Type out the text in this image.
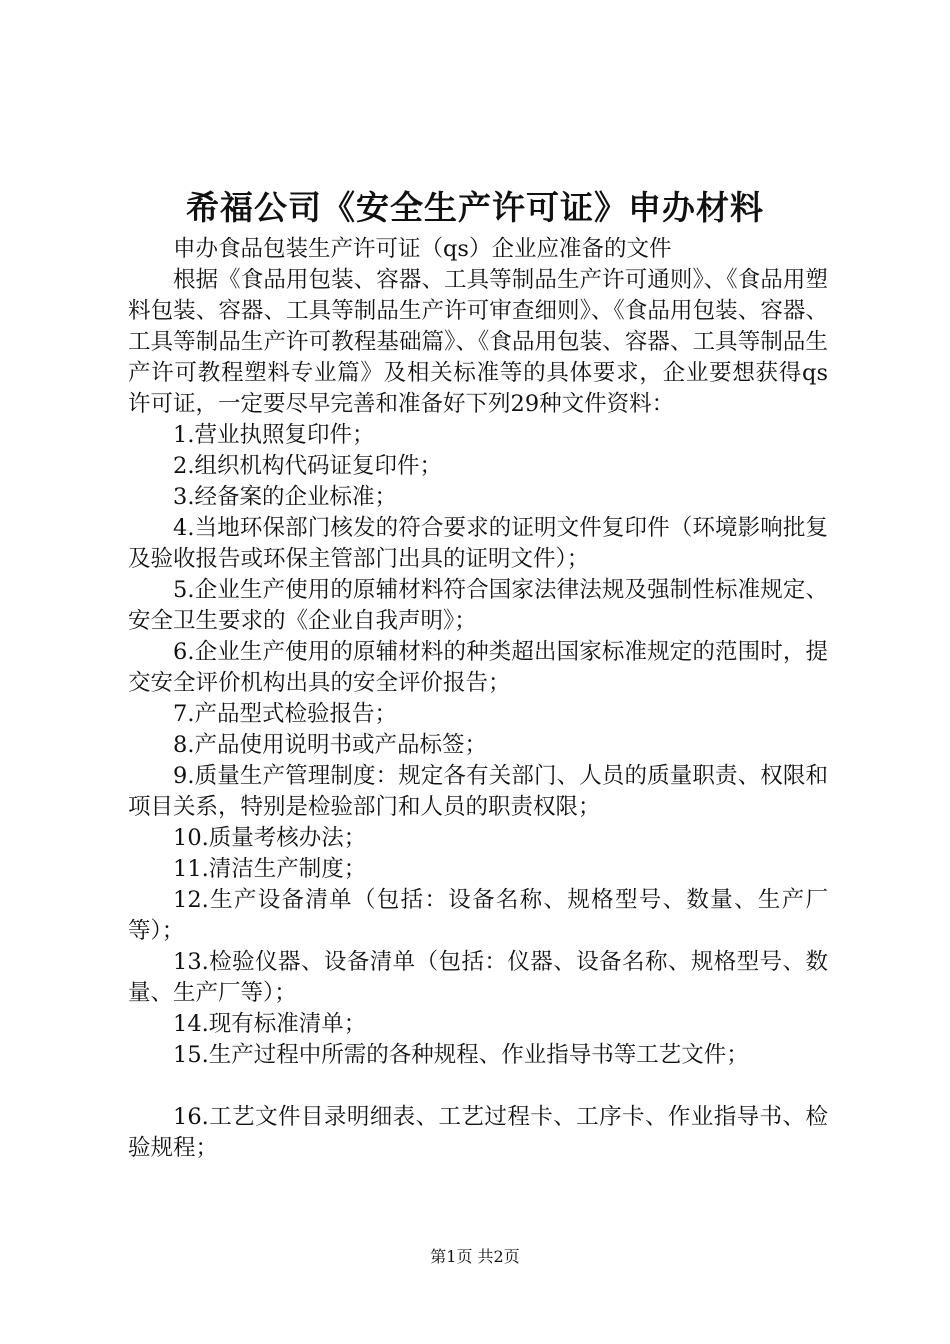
希福公司《安全生产许可证》申办材料

申办食品包装生产许可证（qs）企业应准备的文件

根据《食品用包装、容器、工具等制品生产许可通则》、《食品用塑料包装、容器、工具等制品生产许可审查细则》、《食品用包装、容器、工具等制品生产许可教程基础篇》、《食品用包装、容器、工具等制品生产许可教程塑料专业篇》及相关标准等的具体要求，企业要想获得qs许可证，一定要尽早完善和准备好下列29种文件资料：

1.营业执照复印件；

2.组织机构代码证复印件；

3.经备案的企业标准；

4.当地环保部门核发的符合要求的证明文件复印件（环境影响批复及验收报告或环保主管部门出具的证明文件）；

5.企业生产使用的原辅材料符合国家法律法规及强制性标准规定、安全卫生要求的《企业自我声明》；

6.企业生产使用的原辅材料的种类超出国家标准规定的范围时，提交安全评价机构出具的安全评价报告；

7.产品型式检验报告；

8.产品使用说明书或产品标签；

9.质量生产管理制度：规定各有关部门、人员的质量职责、权限和项目关系，特别是检验部门和人员的职责权限；

10.质量考核办法；

11.清洁生产制度；

12.生产设备清单（包括：设备名称、规格型号、数量、生产厂等）；

13.检验仪器、设备清单（包括：仪器、设备名称、规格型号、数量、生产厂等）；

14.现有标准清单；

15.生产过程中所需的各种规程、作业指导书等工艺文件；

16.工艺文件目录明细表、工艺过程卡、工序卡、作业指导书、检验规程；

第1页 共2页
